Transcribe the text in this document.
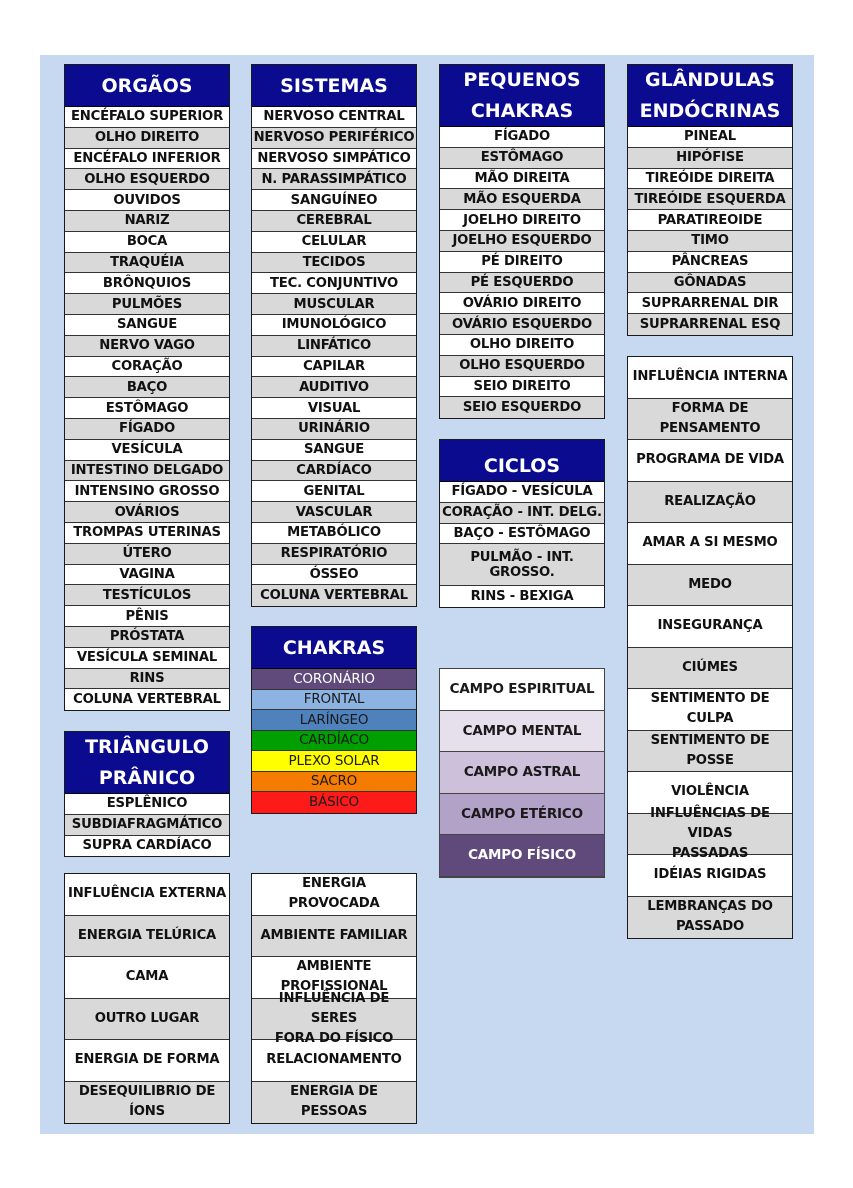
ORGÃOS
ENCÉFALO SUPERIOR
OLHO DIREITO
ENCÉFALO INFERIOR
OLHO ESQUERDO
OUVIDOS
NARIZ
BOCA
TRAQUÉIA
BRÔNQUIOS
PULMÕES
SANGUE
NERVO VAGO
CORAÇÃO
BAÇO
ESTÔMAGO
FÍGADO
VESÍCULA
INTESTINO DELGADO
INTENSINO GROSSO
OVÁRIOS
TROMPAS UTERINAS
ÚTERO
VAGINA
TESTÍCULOS
PÊNIS
PRÓSTATA
VESÍCULA SEMINAL
RINS
COLUNA VERTEBRAL
SISTEMAS
NERVOSO CENTRAL
NERVOSO PERIFÉRICO
NERVOSO SIMPÁTICO
N. PARASSIMPÁTICO
SANGUÍNEO
CEREBRAL
CELULAR
TECIDOS
TEC. CONJUNTIVO
MUSCULAR
IMUNOLÓGICO
LINFÁTICO
CAPILAR
AUDITIVO
VISUAL
URINÁRIO
SANGUE
CARDÍACO
GENITAL
VASCULAR
METABÓLICO
RESPIRATÓRIO
ÓSSEO
COLUNA VERTEBRAL
PEQUENOS
CHAKRAS
FÍGADO
ESTÔMAGO
MÃO DIREITA
MÃO ESQUERDA
JOELHO DIREITO
JOELHO ESQUERDO
PÉ DIREITO
PÉ ESQUERDO
OVÁRIO DIREITO
OVÁRIO ESQUERDO
OLHO DIREITO
OLHO ESQUERDO
SEIO DIREITO
SEIO ESQUERDO
GLÂNDULAS
ENDÓCRINAS
PINEAL
HIPÓFISE
TIREÓIDE DIREITA
TIREÓIDE ESQUERDA
PARATIREOIDE
TIMO
PÂNCREAS
GÔNADAS
SUPRARRENAL DIR
SUPRARRENAL ESQ
CICLOS
FÍGADO - VESÍCULA
CORAÇÃO - INT. DELG.
BAÇO - ESTÔMAGO
PULMÃO - INT.
GROSSO.
RINS - BEXIGA
CHAKRAS
CORONÁRIO
FRONTAL
LARÍNGEO
CARDÍACO
PLEXO SOLAR
SACRO
BÁSICO
TRIÂNGULO
PRÂNICO
ESPLÊNICO
SUBDIAFRAGMÁTICO
SUPRA CARDÍACO
CAMPO ESPIRITUAL
CAMPO MENTAL
CAMPO ASTRAL
CAMPO ETÉRICO
CAMPO FÍSICO
INFLUÊNCIA INTERNA
FORMA DE
PENSAMENTO
PROGRAMA DE VIDA
REALIZAÇÃO
AMAR A SI MESMO
MEDO
INSEGURANÇA
CIÚMES
SENTIMENTO DE
CULPA
SENTIMENTO DE
POSSE
VIOLÊNCIA
INFLUÊNCIAS DE VIDAS
PASSADAS
IDÉIAS RIGIDAS
LEMBRANÇAS DO
PASSADO
INFLUÊNCIA EXTERNA
ENERGIA TELÚRICA
CAMA
OUTRO LUGAR
ENERGIA DE FORMA
DESEQUILIBRIO DE
ÍONS
ENERGIA PROVOCADA
AMBIENTE FAMILIAR
AMBIENTE
PROFISSIONAL
INFLUÊNCIA DE SERES
FORA DO FÍSICO
RELACIONAMENTO
ENERGIA DE PESSOAS
